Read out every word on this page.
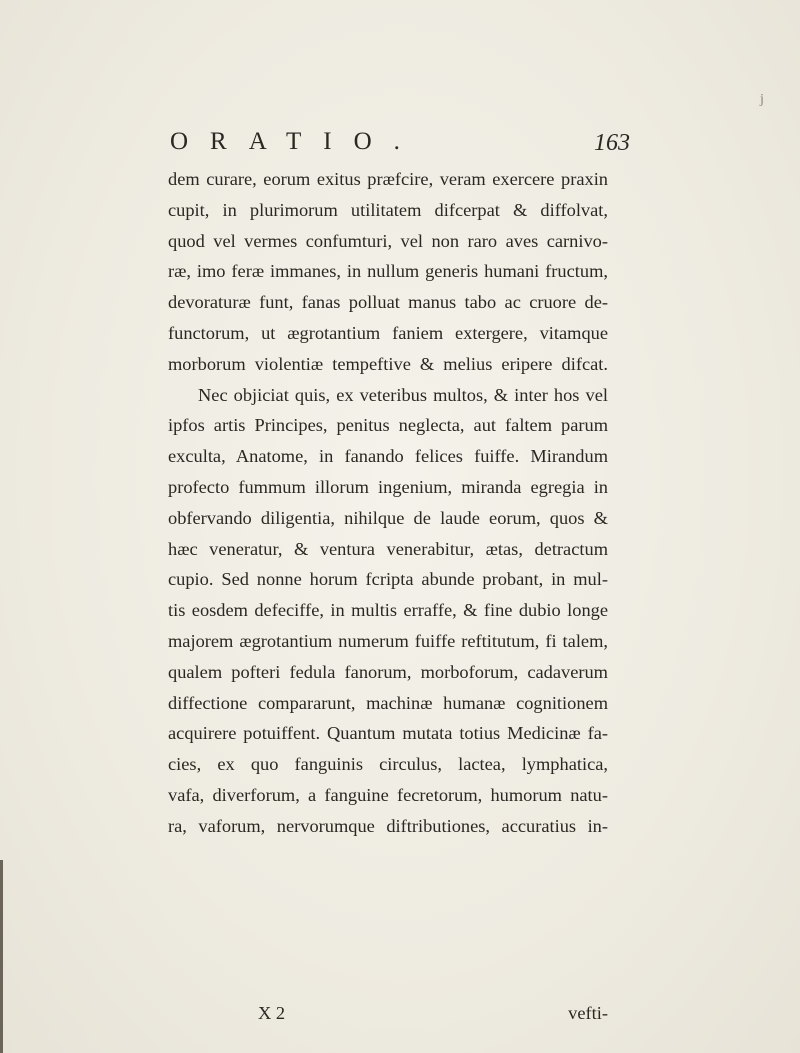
j
ORATIO.	163
dem curare, eorum exitus præfcire, veram exercere praxin
cupit, in plurimorum utilitatem difcerpat & diffolvat,
quod vel vermes confumturi, vel non raro aves carnivo-
ræ, imo feræ immanes, in nullum generis humani fructum,
devoraturæ funt, fanas polluat manus tabo ac cruore de-
functorum, ut ægrotantium faniem extergere, vitamque
morborum violentiæ tempeftive & melius eripere difcat.
Nec objiciat quis, ex veteribus multos, & inter hos vel
ipfos artis Principes, penitus neglecta, aut faltem parum
exculta, Anatome, in fanando felices fuiffe. Mirandum
profecto fummum illorum ingenium, miranda egregia in
obfervando diligentia, nihilque de laude eorum, quos &
hæc veneratur, & ventura venerabitur, ætas, detractum
cupio. Sed nonne horum fcripta abunde probant, in mul-
tis eosdem defeciffe, in multis erraffe, & fine dubio longe
majorem ægrotantium numerum fuiffe reftitutum, fi talem,
qualem pofteri fedula fanorum, morboforum, cadaverum
diffectione compararunt, machinæ humanæ cognitionem
acquirere potuiffent. Quantum mutata totius Medicinæ fa-
cies, ex quo fanguinis circulus, lactea, lymphatica,
vafa, diverforum, a fanguine fecretorum, humorum natu-
ra, vaforum, nervorumque diftributiones, accuratius in-
X 2	vefti-
